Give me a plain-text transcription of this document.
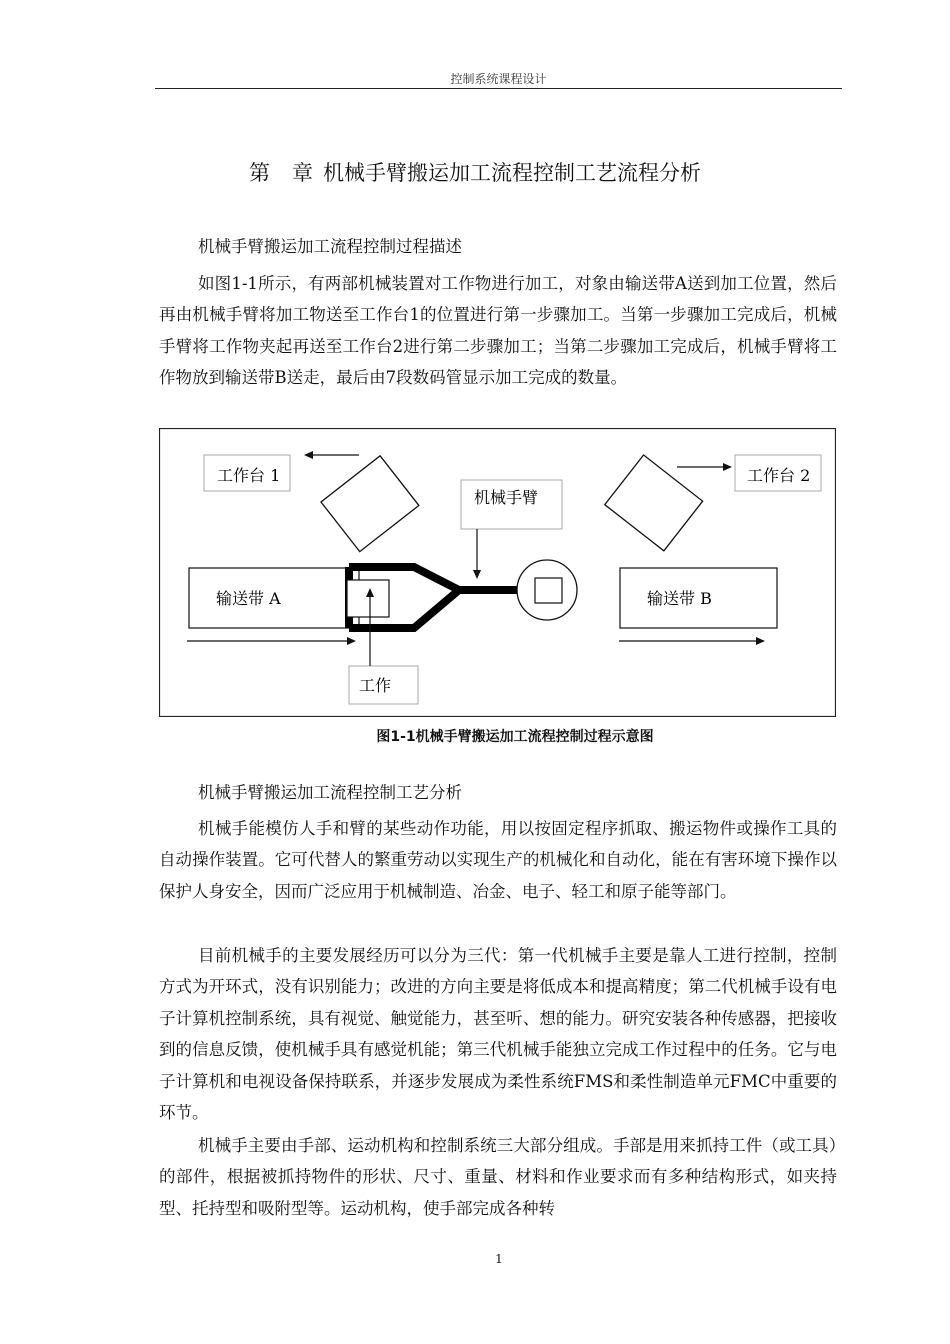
控制系统课程设计
第 章 机械手臂搬运加工流程控制工艺流程分析
机械手臂搬运加工流程控制过程描述

如图1-1所示，有两部机械装置对工作物进行加工，对象由输送带A送到加工位置，然后再由机械手臂将加工物送至工作台1的位置进行第一步骤加工。当第一步骤加工完成后，机械手臂将工作物夹起再送至工作台2进行第二步骤加工；当第二步骤加工完成后，机械手臂将工作物放到输送带B送走，最后由7段数码管显示加工完成的数量。

工作台 1	工作台 2
机械手臂
输送带 A
工作
输送带 B
图1-1机械手臂搬运加工流程控制过程示意图
机械手臂搬运加工流程控制工艺分析

机械手能模仿人手和臂的某些动作功能，用以按固定程序抓取、搬运物件或操作工具的自动操作装置。它可代替人的繁重劳动以实现生产的机械化和自动化，能在有害环境下操作以保护人身安全，因而广泛应用于机械制造、冶金、电子、轻工和原子能等部门。

目前机械手的主要发展经历可以分为三代：第一代机械手主要是靠人工进行控制，控制方式为开环式，没有识别能力；改进的方向主要是将低成本和提高精度；第二代机械手设有电子计算机控制系统，具有视觉、触觉能力，甚至听、想的能力。研究安装各种传感器，把接收到的信息反馈，使机械手具有感觉机能；第三代机械手能独立完成工作过程中的任务。它与电子计算机和电视设备保持联系，并逐步发展成为柔性系统FMS和柔性制造单元FMC中重要的环节。

机械手主要由手部、运动机构和控制系统三大部分组成。手部是用来抓持工件（或工具）的部件，根据被抓持物件的形状、尺寸、重量、材料和作业要求而有多种结构形式，如夹持型、托持型和吸附型等。运动机构，使手部完成各种转

1
